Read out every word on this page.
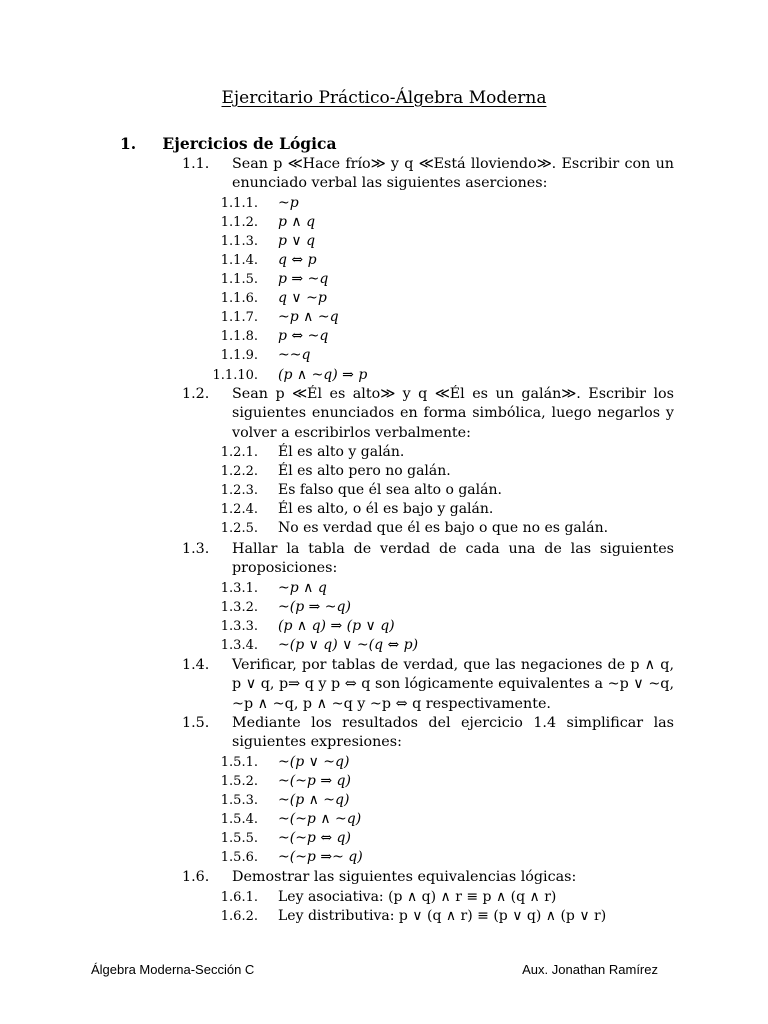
Ejercitario Práctico-Álgebra Moderna
1. Ejercicios de Lógica
1.1.	Sean p ≪Hace frío≫ y q ≪Está lloviendo≫. Escribir con un enunciado verbal las siguientes aserciones:
1.1.1. ~p
1.1.2. p ∧ q
1.1.3. p ∨ q
1.1.4. q ⇔ p
1.1.5. p ⇒ ~q
1.1.6. q ∨ ~p
1.1.7. ~p ∧ ~q
1.1.8. p ⇔ ~q
1.1.9. ~~q
1.1.10. (p ∧ ~q) ⇒ p
1.2.	Sean p ≪Él es alto≫ y q ≪Él es un galán≫. Escribir los siguientes enunciados en forma simbólica, luego negarlos y volver a escribirlos verbalmente:
1.2.1. Él es alto y galán.
1.2.2. Él es alto pero no galán.
1.2.3. Es falso que él sea alto o galán.
1.2.4. Él es alto, o él es bajo y galán.
1.2.5. No es verdad que él es bajo o que no es galán.
1.3.	Hallar la tabla de verdad de cada una de las siguientes proposiciones:
1.3.1. ~p ∧ q
1.3.2. ~(p ⇒ ~q)
1.3.3. (p ∧ q) ⇒ (p ∨ q)
1.3.4. ~(p ∨ q) ∨ ~(q ⇔ p)
1.4.	Verificar, por tablas de verdad, que las negaciones de p ∧ q, p ∨ q, p⇒ q y p ⇔ q son lógicamente equivalentes a ~p ∨ ~q, ~p ∧ ~q, p ∧ ~q y ~p ⇔ q respectivamente.
1.5.	Mediante los resultados del ejercicio 1.4 simplificar las siguientes expresiones:
1.5.1. ~(p ∨ ~q)
1.5.2. ~(~p ⇒ q)
1.5.3. ~(p ∧ ~q)
1.5.4. ~(~p ∧ ~q)
1.5.5. ~(~p ⇔ q)
1.5.6. ~(~p ⇒~ q)
1.6.	Demostrar las siguientes equivalencias lógicas:
1.6.1. Ley asociativa: (p ∧ q) ∧ r ≡ p ∧ (q ∧ r)
1.6.2. Ley distributiva: p ∨ (q ∧ r) ≡ (p ∨ q) ∧ (p ∨ r)
Álgebra Moderna-Sección C	Aux. Jonathan Ramírez
